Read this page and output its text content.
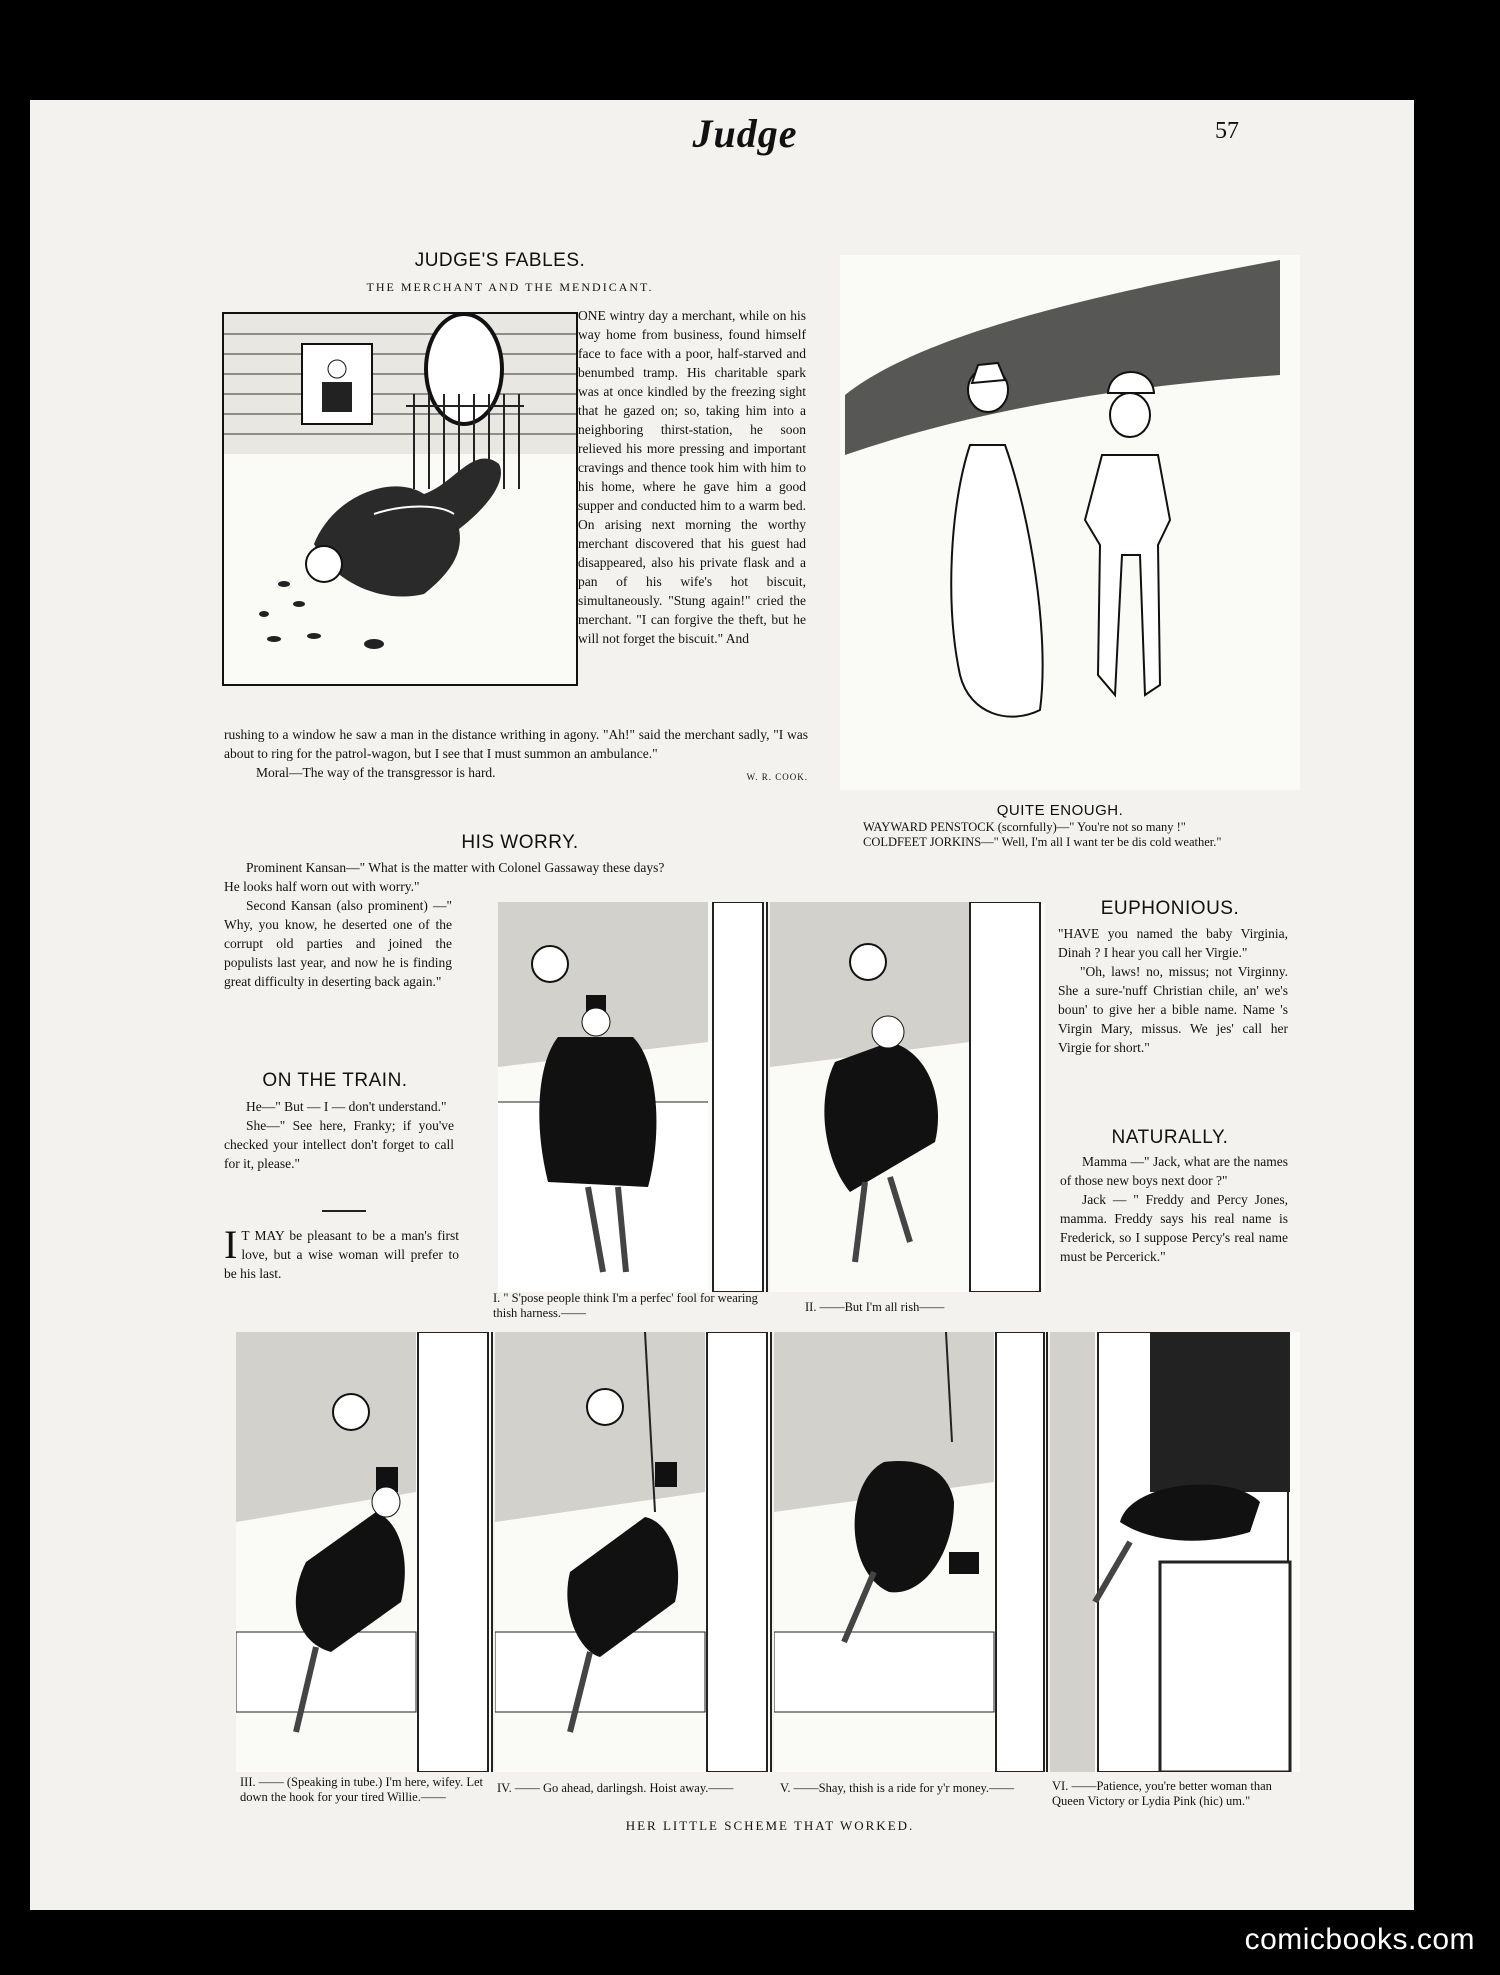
Judge	57
JUDGE'S FABLES.
THE MERCHANT AND THE MENDICANT.

ONE wintry day a merchant, while on his way home from business, found himself face to face with a poor, half-starved and benumbed tramp. His charitable spark was at once kindled by the freezing sight that he gazed on; so, taking him into a neighboring thirst-station, he soon relieved his more pressing and important cravings and thence took him with him to his home, where he gave him a good supper and conducted him to a warm bed. On arising next morning the worthy merchant discovered that his guest had disappeared, also his private flask and a pan of his wife's hot biscuit, simultaneously. "Stung again!" cried the merchant. "I can forgive the theft, but he will not forget the biscuit." And

rushing to a window he saw a man in the distance writhing in agony. "Ah!" said the merchant sadly, "I was about to ring for the patrol-wagon, but I see that I must summon an ambulance."

Moral—The way of the transgressor is hard.	W. R. COOK.
QUITE ENOUGH.
WAYWARD PENSTOCK (scornfully)—" You're not so many !"
COLDFEET JORKINS—" Well, I'm all I want ter be dis cold weather."
HIS WORRY.

Prominent Kansan—" What is the matter with Colonel Gassaway these days?

He looks half worn out with worry."

Second Kansan (also prominent) —" Why, you know, he deserted one of the corrupt old parties and joined the populists last year, and now he is finding great difficulty in deserting back again."

ON THE TRAIN.

He—" But — I — don't understand."

She—" See here, Franky; if you've checked your intellect don't forget to call for it, please."

I T MAY be pleasant to be a man's first love, but a wise woman will prefer to be his last.
I. " S'pose people think I'm a perfec' fool for wearing thish harness.——	II. ——But I'm all rish——
EUPHONIOUS.

"HAVE you named the baby Virginia, Dinah ? I hear you call her Virgie."

"Oh, laws! no, missus; not Virginny. She a sure-'nuff Christian chile, an' we's boun' to give her a bible name. Name 's Virgin Mary, missus. We jes' call her Virgie for short."

NATURALLY.

Mamma —" Jack, what are the names of those new boys next door ?"

Jack — " Freddy and Percy Jones, mamma. Freddy says his real name is Frederick, so I suppose Percy's real name must be Percerick."

III. —— (Speaking in tube.) I'm here, wifey. Let down the hook for your tired Willie.——
IV. —— Go ahead, darlingsh. Hoist away.——	V. ——Shay, thish is a ride for y'r money.——	VI. ——Patience, you're better woman than Queen Victory or Lydia Pink (hic) um."
HER LITTLE SCHEME THAT WORKED.
comicbooks.com
